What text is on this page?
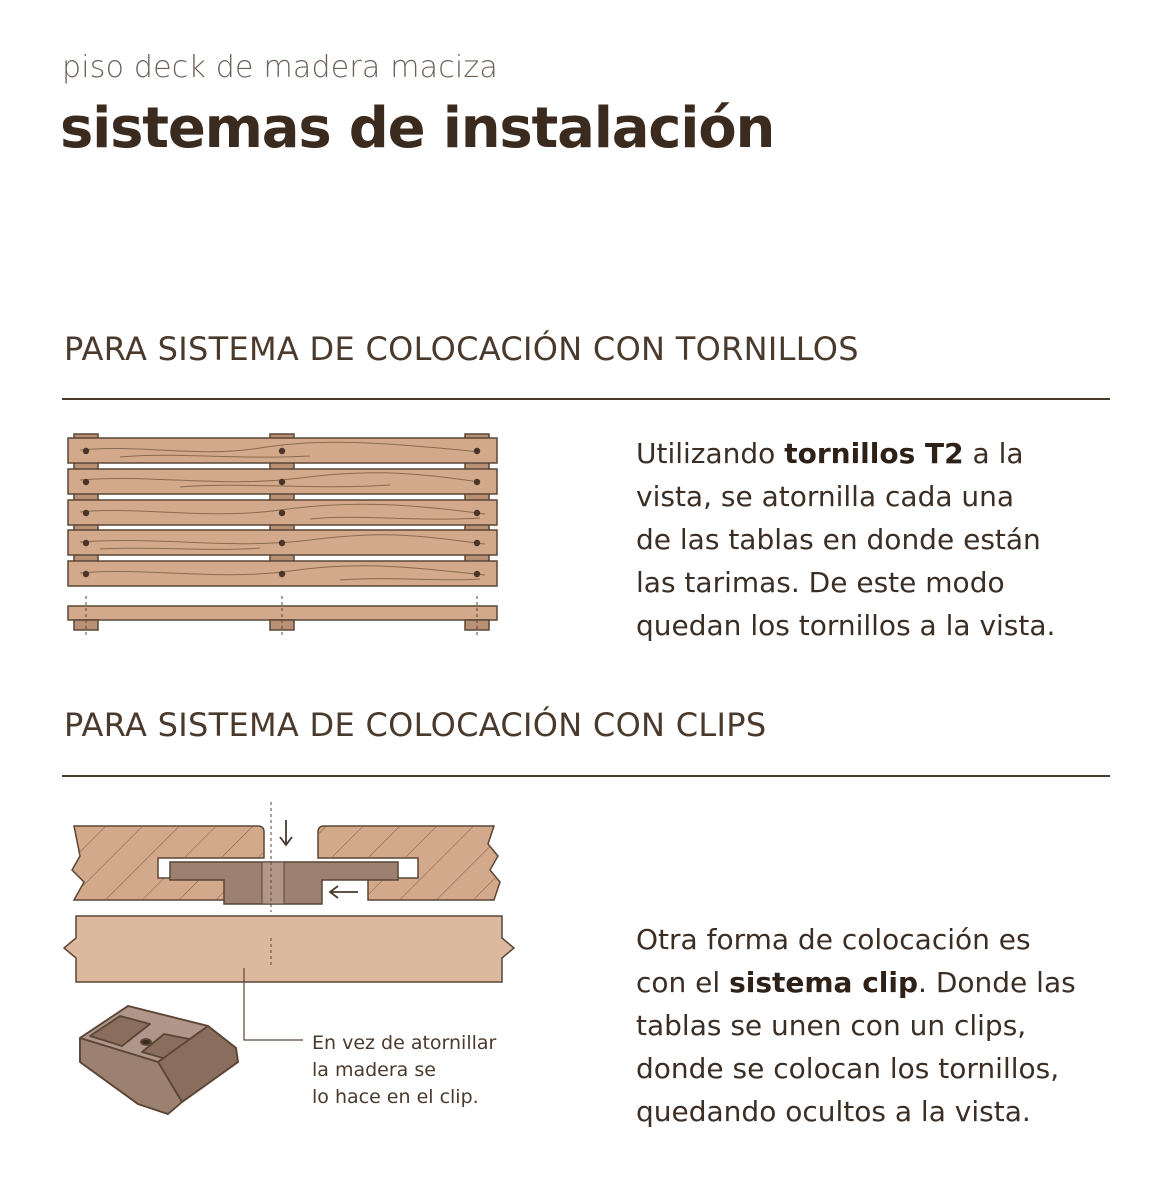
piso deck de madera maciza
sistemas de instalación
PARA SISTEMA DE COLOCACIÓN CON TORNILLOS
Utilizando tornillos T2 a la
vista, se atornilla cada una
de las tablas en donde están
las tarimas. De este modo
quedan los tornillos a la vista.
PARA SISTEMA DE COLOCACIÓN CON CLIPS
En vez de atornillar
la madera se
lo hace en el clip.
Otra forma de colocación es
con el sistema clip. Donde las
tablas se unen con un clips,
donde se colocan los tornillos,
quedando ocultos a la vista.
